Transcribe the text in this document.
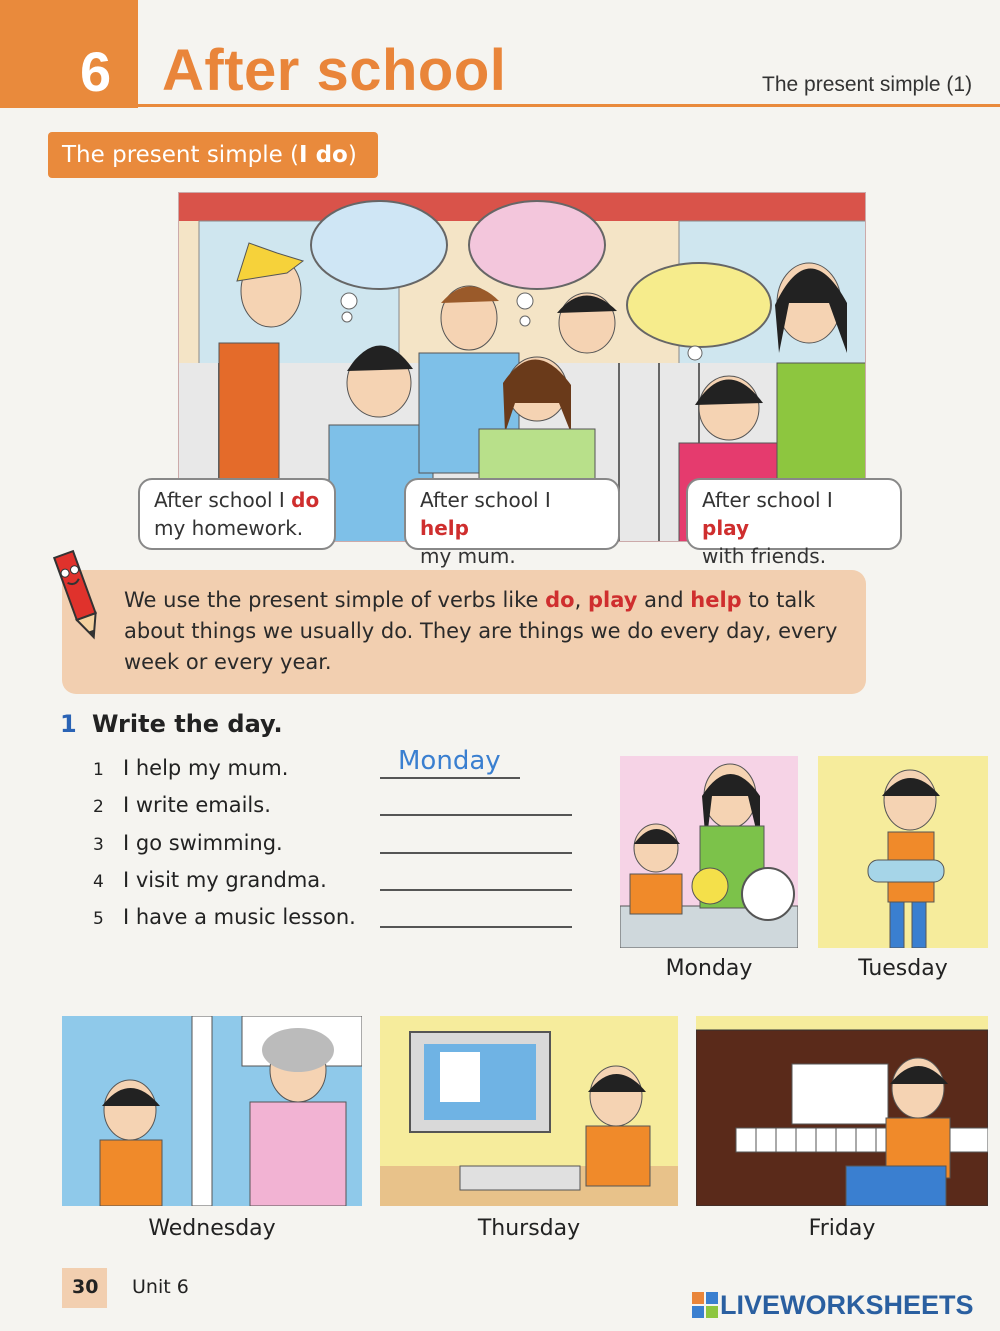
6 After school	The present simple (1)
The present simple (I do)
After school I do
my homework.
After school I help
my mum.
After school I play
with friends.
We use the present simple of verbs like do, play and help to talk about things we usually do. They are things we do every day, every week or every year.
1 Write the day.
1 I help my mum.	Monday
2 I write emails.
3 I go swimming.
4 I visit my grandma.
5 I have a music lesson.
Monday	Tuesday
Wednesday	Thursday	Friday
30 Unit 6
LIVEWORKSHEETS
